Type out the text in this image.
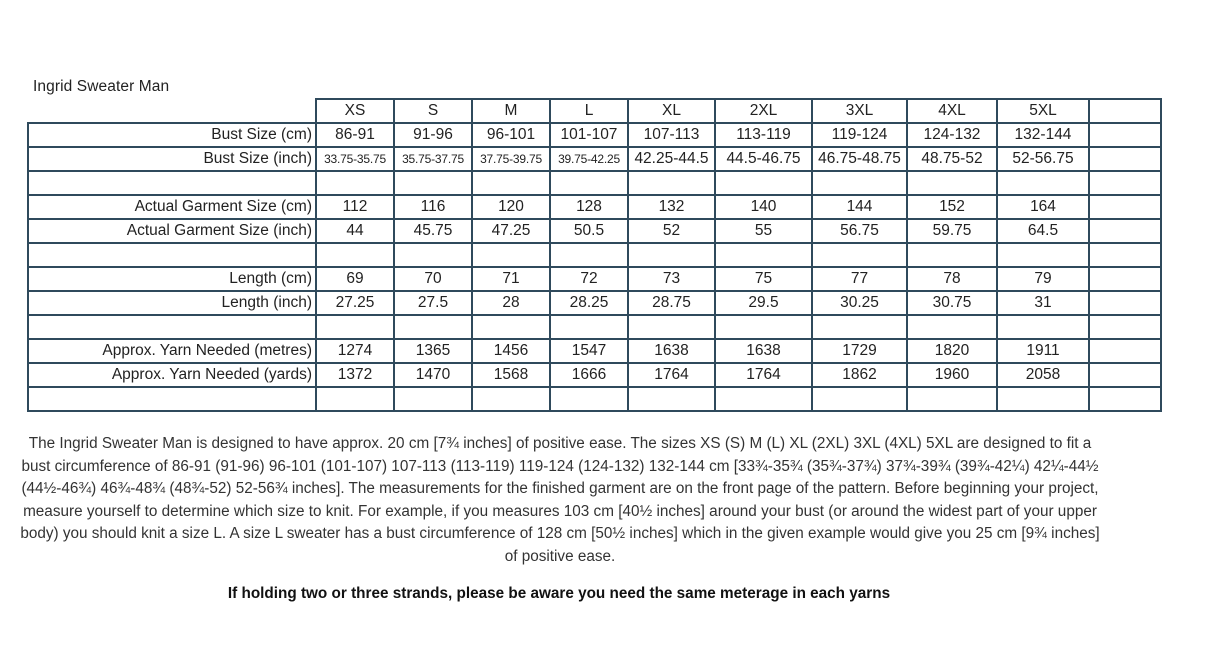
Ingrid Sweater Man
	XS	S	M	L	XL	2XL	3XL	4XL	5XL	
Bust Size (cm)	86-91	91-96	96-101	101-107	107-113	113-119	119-124	124-132	132-144	
Bust Size (inch)	33.75-35.75	35.75-37.75	37.75-39.75	39.75-42.25	42.25-44.5	44.5-46.75	46.75-48.75	48.75-52	52-56.75	

Actual Garment Size (cm)	112	116	120	128	132	140	144	152	164	
Actual Garment Size (inch)	44	45.75	47.25	50.5	52	55	56.75	59.75	64.5	

Length (cm)	69	70	71	72	73	75	77	78	79	
Length (inch)	27.25	27.5	28	28.25	28.75	29.5	30.25	30.75	31	

Approx. Yarn Needed (metres)	1274	1365	1456	1547	1638	1638	1729	1820	1911	
Approx. Yarn Needed (yards)	1372	1470	1568	1666	1764	1764	1862	1960	2058	

The Ingrid Sweater Man is designed to have approx. 20 cm [7¾ inches] of positive ease. The sizes XS (S) M (L) XL (2XL) 3XL (4XL) 5XL are designed to fit a bust circumference of 86-91 (91-96) 96-101 (101-107) 107-113 (113-119) 119-124 (124-132) 132-144 cm [33¾-35¾ (35¾-37¾) 37¾-39¾ (39¾-42¼) 42¼-44½ (44½-46¾) 46¾-48¾ (48¾-52) 52-56¾ inches]. The measurements for the finished garment are on the front page of the pattern. Before beginning your project, measure yourself to determine which size to knit. For example, if you measures 103 cm [40½ inches] around your bust (or around the widest part of your upper body) you should knit a size L. A size L sweater has a bust circumference of 128 cm [50½ inches] which in the given example would give you 25 cm [9¾ inches] of positive ease.
If holding two or three strands, please be aware you need the same meterage in each yarns
